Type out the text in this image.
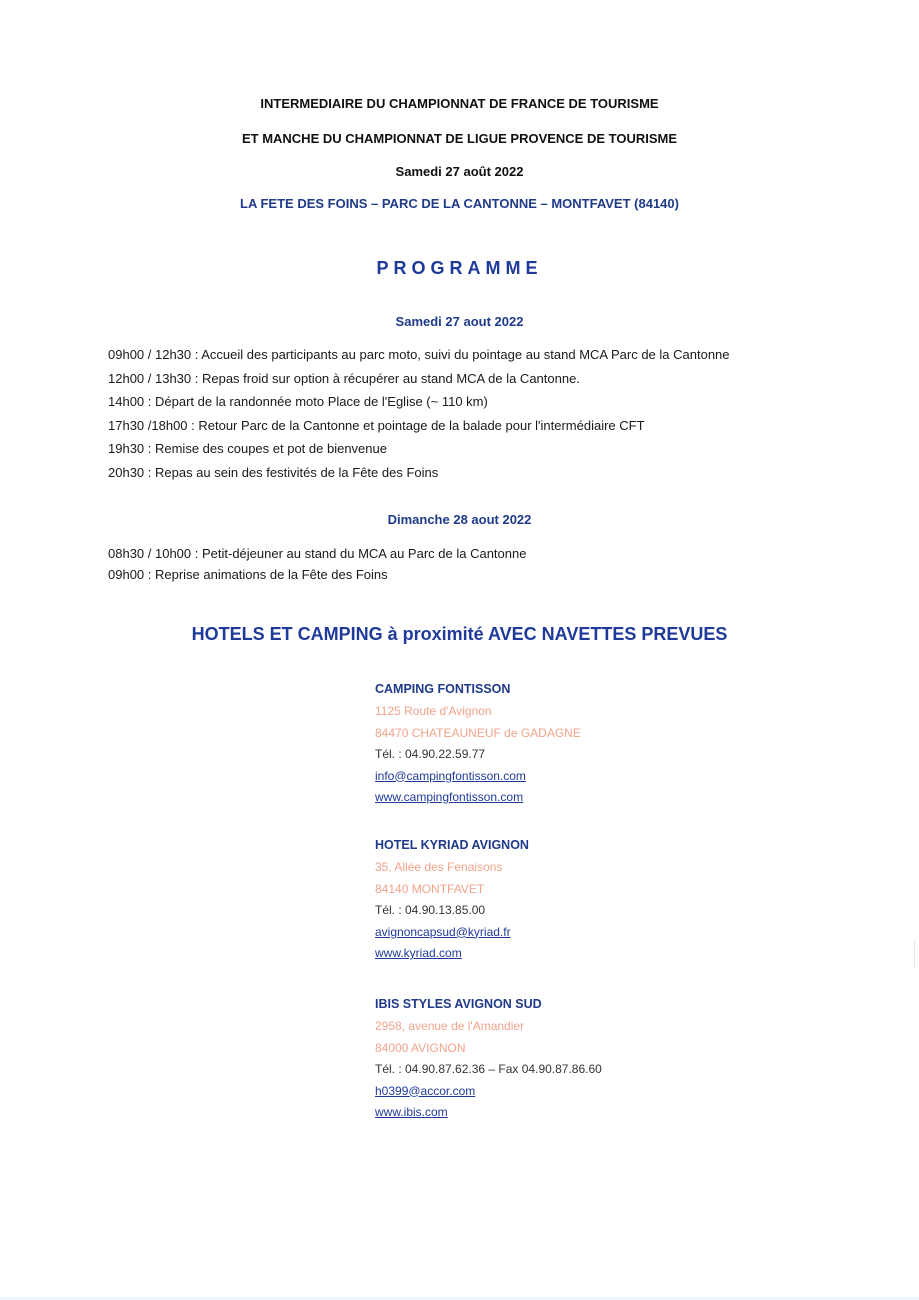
INTERMEDIAIRE DU CHAMPIONNAT DE FRANCE DE TOURISME
ET MANCHE DU CHAMPIONNAT DE LIGUE PROVENCE DE TOURISME
Samedi 27 août 2022
LA FETE DES FOINS – PARC DE LA CANTONNE – MONTFAVET (84140)
PROGRAMME
Samedi 27 aout 2022
09h00 / 12h30 : Accueil des participants au parc moto, suivi du pointage au stand MCA Parc de la Cantonne
12h00 / 13h30 : Repas froid sur option à récupérer au stand MCA de la Cantonne.
14h00 : Départ de la randonnée moto Place de l'Eglise (~ 110 km)
17h30 /18h00 : Retour Parc de la Cantonne et pointage de la balade pour l'intermédiaire CFT
19h30 : Remise des coupes et pot de bienvenue
20h30 : Repas au sein des festivités de la Fête des Foins
Dimanche 28 aout 2022
08h30 / 10h00 : Petit-déjeuner au stand du MCA au Parc de la Cantonne
09h00 : Reprise animations de la Fête des Foins
HOTELS ET CAMPING à proximité AVEC NAVETTES PREVUES
CAMPING FONTISSON
1125 Route d'Avignon
84470 CHATEAUNEUF de GADAGNE
Tél. : 04.90.22.59.77
info@campingfontisson.com
www.campingfontisson.com
HOTEL KYRIAD AVIGNON
35, Allée des Fenaisons
84140 MONTFAVET
Tél. : 04.90.13.85.00
avignoncapsud@kyriad.fr
www.kyriad.com
IBIS STYLES AVIGNON SUD
2958, avenue de l'Amandier
84000 AVIGNON
Tél. : 04.90.87.62.36 – Fax 04.90.87.86.60
h0399@accor.com
www.ibis.com
